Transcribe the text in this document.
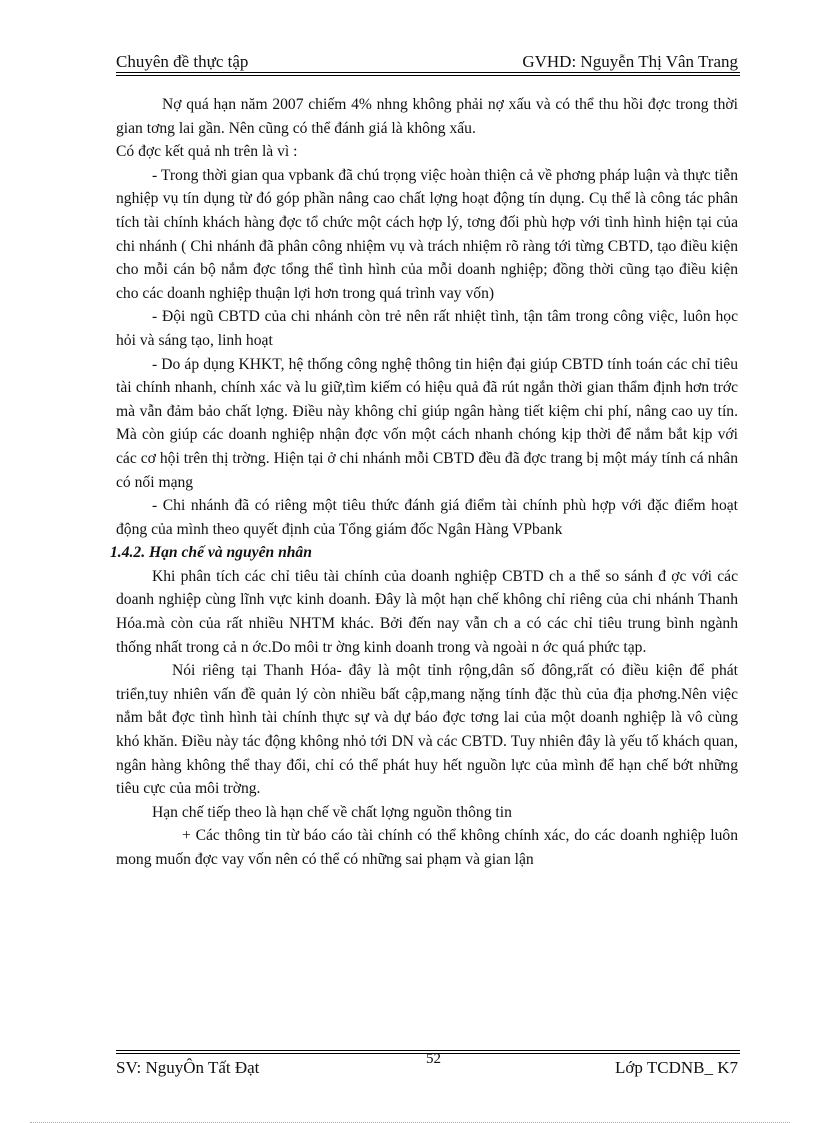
Chuyên đề thực tập	GVHD: Nguyễn Thị Vân Trang

Nợ quá hạn năm 2007 chiếm 4% nhng không phải nợ xấu và có thể thu hồi đợc trong thời gian tơng lai gần. Nên cũng có thể đánh giá là không xấu.

Có đợc kết quả nh trên là vì :

- Trong thời gian qua vpbank đã chú trọng việc hoàn thiện cả về phơng pháp luận và thực tiễn nghiệp vụ tín dụng từ đó góp phần nâng cao chất lợng hoạt động tín dụng. Cụ thể là công tác phân tích tài chính khách hàng đợc tổ chức một cách hợp lý, tơng đối phù hợp với tình hình hiện tại của chi nhánh ( Chi nhánh đã phân công nhiệm vụ và trách nhiệm rõ ràng tới từng CBTD, tạo điều kiện cho mỗi cán bộ nắm đợc tổng thể tình hình của mỗi doanh nghiệp; đồng thời cũng tạo điều kiện cho các doanh nghiệp thuận lợi hơn trong quá trình vay vốn)

- Đội ngũ CBTD của chi nhánh còn trẻ nên rất nhiệt tình, tận tâm trong công việc, luôn học hỏi và sáng tạo, linh hoạt

- Do áp dụng KHKT, hệ thống công nghệ thông tin hiện đại giúp CBTD tính toán các chỉ tiêu tài chính nhanh, chính xác và lu giữ,tìm kiếm có hiệu quả đã rút ngắn thời gian thẩm định hơn trớc mà vẫn đảm bảo chất lợng. Điều này không chỉ giúp ngân hàng tiết kiệm chi phí, nâng cao uy tín. Mà còn giúp các doanh nghiệp nhận đợc vốn một cách nhanh chóng kịp thời để nắm bắt kịp với các cơ hội trên thị trờng. Hiện tại ở chi nhánh mỗi CBTD đều đã đợc trang bị một máy tính cá nhân có nối mạng

- Chi nhánh đã có riêng một tiêu thức đánh giá điểm tài chính phù hợp với đặc điểm hoạt động của mình theo quyết định của Tổng giám đốc Ngân Hàng VPbank

1.4.2. Hạn chế và nguyên nhân

Khi phân tích các chỉ tiêu tài chính của doanh nghiệp CBTD ch a thể so sánh đ ợc với các doanh nghiệp cùng lĩnh vực kinh doanh. Đây là một hạn chế không chỉ riêng của chi nhánh Thanh Hóa.mà còn của rất nhiều NHTM khác. Bởi đến nay vẫn ch a có các chỉ tiêu trung bình ngành thống nhất trong cả n ớc.Do môi tr ờng kinh doanh trong và ngoài n ớc quá phức tạp.

Nói riêng tại Thanh Hóa- đây là một tỉnh rộng,dân số đông,rất có điều kiện để phát triển,tuy nhiên vấn đề quản lý còn nhiều bất cập,mang nặng tính đặc thù của địa phơng.Nên việc nắm bắt đợc tình hình tài chính thực sự và dự báo đợc tơng lai của một doanh nghiệp là vô cùng khó khăn. Điều này tác động không nhỏ tới DN và các CBTD. Tuy nhiên đây là yếu tố khách quan, ngân hàng không thể thay đổi, chỉ có thể phát huy hết nguồn lực của mình để hạn chế bớt những tiêu cực của môi trờng.

Hạn chế tiếp theo là hạn chế về chất lợng nguồn thông tin

+ Các thông tin từ báo cáo tài chính có thể không chính xác, do các doanh nghiệp luôn mong muốn đợc vay vốn nên có thể có những sai phạm và gian lận

SV: NguyÔn Tất Đạt	Lớp TCDNB_ K7
52
